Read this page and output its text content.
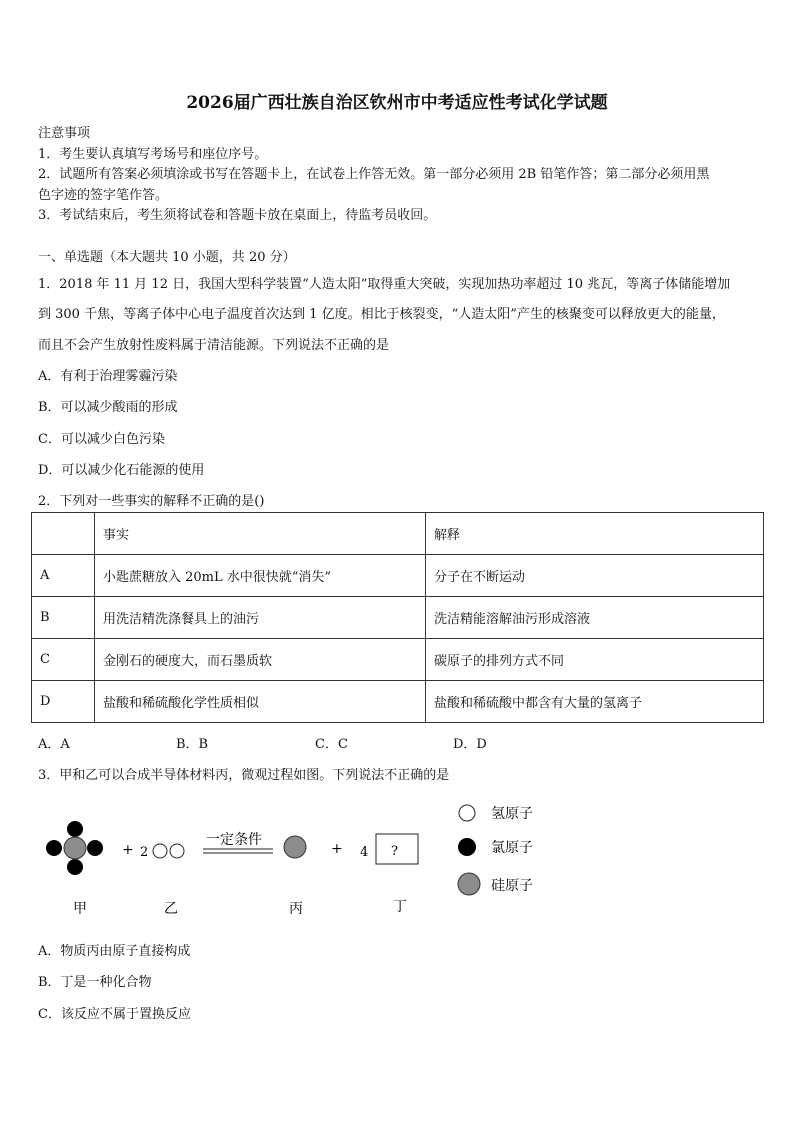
2026届广西壮族自治区钦州市中考适应性考试化学试题
注意事项
1．考生要认真填写考场号和座位序号。
2．试题所有答案必须填涂或书写在答题卡上，在试卷上作答无效。第一部分必须用 2B 铅笔作答；第二部分必须用黑
色字迹的签字笔作答。
3．考试结束后，考生须将试卷和答题卡放在桌面上，待监考员收回。
一、单选题（本大题共 10 小题，共 20 分）
1．2018 年 11 月 12 日，我国大型科学装置“人造太阳”取得重大突破，实现加热功率超过 10 兆瓦，等离子体储能增加
到 300 千焦，等离子体中心电子温度首次达到 1 亿度。相比于核裂变，“人造太阳”产生的核聚变可以释放更大的能量，
而且不会产生放射性废料属于清洁能源。下列说法不正确的是
A．有利于治理雾霾污染
B．可以减少酸雨的形成
C．可以减少白色污染
D．可以减少化石能源的使用
2．下列对一些事实的解释不正确的是()
	事实	解释
A	小匙蔗糖放入 20mL 水中很快就“消失”	分子在不断运动
B	用洗洁精洗涤餐具上的油污	洗洁精能溶解油污形成溶液
C	金刚石的硬度大，而石墨质软	碳原子的排列方式不同
D	盐酸和稀硫酸化学性质相似	盐酸和稀硫酸中都含有大量的氢离子
A．A	B．B	C．C	D．D
3．甲和乙可以合成半导体材料丙，微观过程如图。下列说法不正确的是
+ 2
一定条件
+ 4 ?
甲	乙	丙	丁
氢原子
氯原子
硅原子
A．物质丙由原子直接构成
B．丁是一种化合物
C．该反应不属于置换反应
